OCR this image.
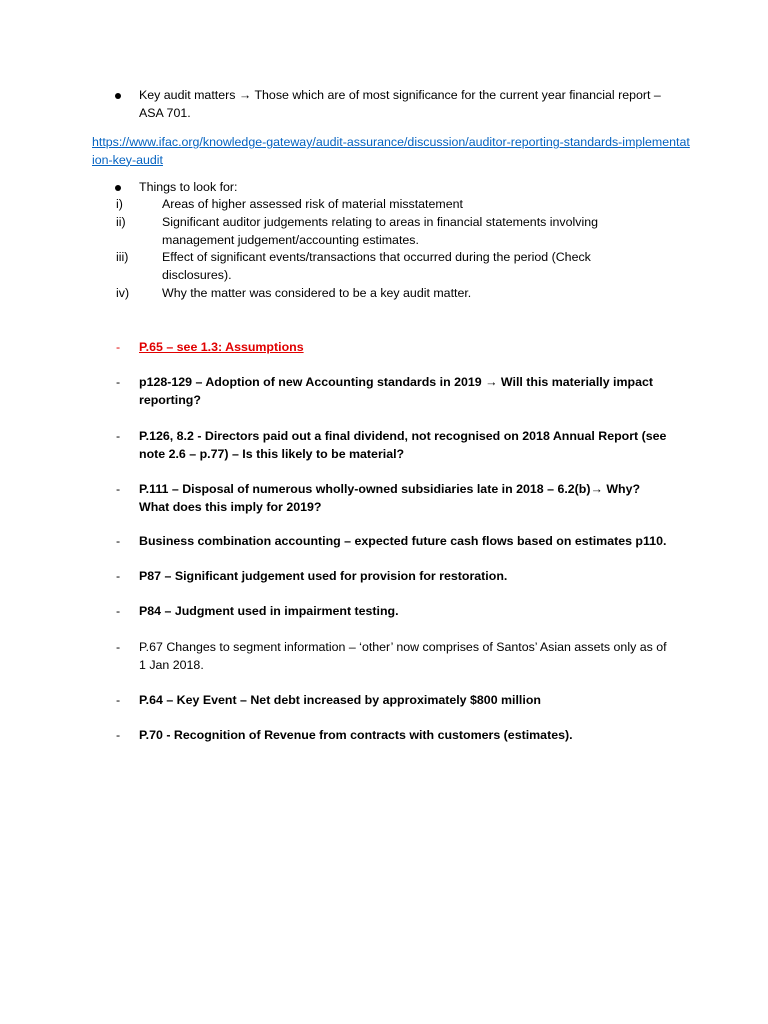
Key audit matters → Those which are of most significance for the current year financial report – ASA 701.
https://www.ifac.org/knowledge-gateway/audit-assurance/discussion/auditor-reporting-standards-implementation-key-audit
Things to look for:
i)	Areas of higher assessed risk of material misstatement
ii)	Significant auditor judgements relating to areas in financial statements involving management judgement/accounting estimates.
iii)	Effect of significant events/transactions that occurred during the period (Check disclosures).
iv)	Why the matter was considered to be a key audit matter.
- P.65 – see 1.3: Assumptions
- p128-129 – Adoption of new Accounting standards in 2019 → Will this materially impact reporting?
- P.126, 8.2 - Directors paid out a final dividend, not recognised on 2018 Annual Report (see note 2.6 – p.77) – Is this likely to be material?
- P.111 – Disposal of numerous wholly-owned subsidiaries late in 2018 – 6.2(b)→ Why? What does this imply for 2019?
- Business combination accounting – expected future cash flows based on estimates p110.
- P87 – Significant judgement used for provision for restoration.
- P84 – Judgment used in impairment testing.
- P.67 Changes to segment information – ‘other’ now comprises of Santos’ Asian assets only as of 1 Jan 2018.
- P.64 – Key Event – Net debt increased by approximately $800 million
- P.70 - Recognition of Revenue from contracts with customers (estimates).
